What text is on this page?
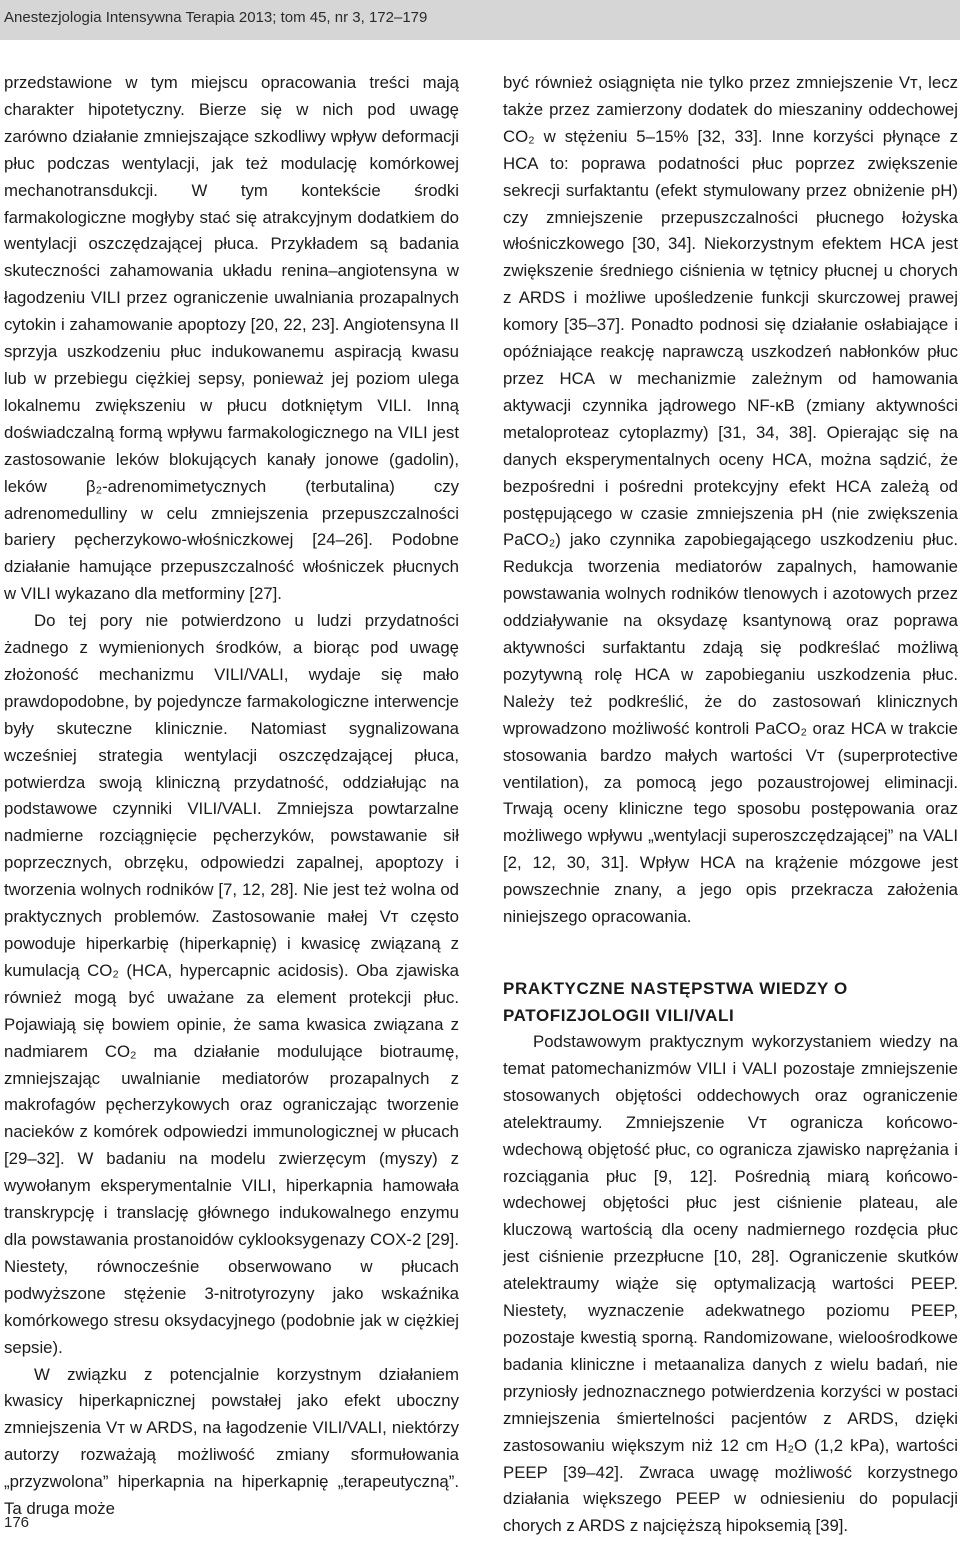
Anestezjologia Intensywna Terapia 2013; tom 45, nr 3, 172–179

przedstawione w tym miejscu opracowania treści mają charakter hipotetyczny. Bierze się w nich pod uwagę zarówno działanie zmniejszające szkodliwy wpływ deformacji płuc podczas wentylacji, jak też modulację komórkowej mechanotransdukcji. W tym kontekście środki farmakologiczne mogłyby stać się atrakcyjnym dodatkiem do wentylacji oszczędzającej płuca. Przykładem są badania skuteczności zahamowania układu renina–angiotensyna w łagodzeniu VILI przez ograniczenie uwalniania prozapalnych cytokin i zahamowanie apoptozy [20, 22, 23]. Angiotensyna II sprzyja uszkodzeniu płuc indukowanemu aspiracją kwasu lub w przebiegu ciężkiej sepsy, ponieważ jej poziom ulega lokalnemu zwiększeniu w płucu dotkniętym VILI. Inną doświadczalną formą wpływu farmakologicznego na VILI jest zastosowanie leków blokujących kanały jonowe (gadolin), leków β₂-adrenomimetycznych (terbutalina) czy adrenomedulliny w celu zmniejszenia przepuszczalności bariery pęcherzykowo-włośniczkowej [24–26]. Podobne działanie hamujące przepuszczalność włośniczek płucnych w VILI wykazano dla metforminy [27].

Do tej pory nie potwierdzono u ludzi przydatności żadnego z wymienionych środków, a biorąc pod uwagę złożoność mechanizmu VILI/VALI, wydaje się mało prawdopodobne, by pojedyncze farmakologiczne interwencje były skuteczne klinicznie. Natomiast sygnalizowana wcześniej strategia wentylacji oszczędzającej płuca, potwierdza swoją kliniczną przydatność, oddziałując na podstawowe czynniki VILI/VALI. Zmniejsza powtarzalne nadmierne rozciągnięcie pęcherzyków, powstawanie sił poprzecznych, obrzęku, odpowiedzi zapalnej, apoptozy i tworzenia wolnych rodników [7, 12, 28]. Nie jest też wolna od praktycznych problemów. Zastosowanie małej Vᴛ często powoduje hiperkarbię (hiperkapnię) i kwasicę związaną z kumulacją CO₂ (HCA, hypercapnic acidosis). Oba zjawiska również mogą być uważane za element protekcji płuc. Pojawiają się bowiem opinie, że sama kwasica związana z nadmiarem CO₂ ma działanie modulujące biotraumę, zmniejszając uwalnianie mediatorów prozapalnych z makrofagów pęcherzykowych oraz ograniczając tworzenie nacieków z komórek odpowiedzi immunologicznej w płucach [29–32]. W badaniu na modelu zwierzęcym (myszy) z wywołanym eksperymentalnie VILI, hiperkapnia hamowała transkrypcję i translację głównego indukowalnego enzymu dla powstawania prostanoidów cyklooksygenazy COX-2 [29]. Niestety, równocześnie obserwowano w płucach podwyższone stężenie 3-nitrotyrozyny jako wskaźnika komórkowego stresu oksydacyjnego (podobnie jak w ciężkiej sepsie).

W związku z potencjalnie korzystnym działaniem kwasicy hiperkapnicznej powstałej jako efekt uboczny zmniejszenia Vᴛ w ARDS, na łagodzenie VILI/VALI, niektórzy autorzy rozważają możliwość zmiany sformułowania „przyzwolona” hiperkapnia na hiperkapnię „terapeutyczną”. Ta druga może

być również osiągnięta nie tylko przez zmniejszenie Vᴛ, lecz także przez zamierzony dodatek do mieszaniny oddechowej CO₂ w stężeniu 5–15% [32, 33]. Inne korzyści płynące z HCA to: poprawa podatności płuc poprzez zwiększenie sekrecji surfaktantu (efekt stymulowany przez obniżenie pH) czy zmniejszenie przepuszczalności płucnego łożyska włośniczkowego [30, 34]. Niekorzystnym efektem HCA jest zwiększenie średniego ciśnienia w tętnicy płucnej u chorych z ARDS i możliwe upośledzenie funkcji skurczowej prawej komory [35–37]. Ponadto podnosi się działanie osłabiające i opóźniające reakcję naprawczą uszkodzeń nabłonków płuc przez HCA w mechanizmie zależnym od hamowania aktywacji czynnika jądrowego NF-κB (zmiany aktywności metaloproteaz cytoplazmy) [31, 34, 38]. Opierając się na danych eksperymentalnych oceny HCA, można sądzić, że bezpośredni i pośredni protekcyjny efekt HCA zależą od postępującego w czasie zmniejszenia pH (nie zwiększenia PaCO₂) jako czynnika zapobiegającego uszkodzeniu płuc. Redukcja tworzenia mediatorów zapalnych, hamowanie powstawania wolnych rodników tlenowych i azotowych przez oddziaływanie na oksydazę ksantynową oraz poprawa aktywności surfaktantu zdają się podkreślać możliwą pozytywną rolę HCA w zapobieganiu uszkodzenia płuc. Należy też podkreślić, że do zastosowań klinicznych wprowadzono możliwość kontroli PaCO₂ oraz HCA w trakcie stosowania bardzo małych wartości Vᴛ (superprotective ventilation), za pomocą jego pozaustrojowej eliminacji. Trwają oceny kliniczne tego sposobu postępowania oraz możliwego wpływu „wentylacji superoszczędzającej” na VALI [2, 12, 30, 31]. Wpływ HCA na krążenie mózgowe jest powszechnie znany, a jego opis przekracza założenia niniejszego opracowania.

PRAKTYCZNE NASTĘPSTWA WIEDZY O PATOFIZJOLOGII VILI/VALI

Podstawowym praktycznym wykorzystaniem wiedzy na temat patomechanizmów VILI i VALI pozostaje zmniejszenie stosowanych objętości oddechowych oraz ograniczenie atelektraumy. Zmniejszenie Vᴛ ogranicza końcowo-wdechową objętość płuc, co ogranicza zjawisko naprężania i rozciągania płuc [9, 12]. Pośrednią miarą końcowo-wdechowej objętości płuc jest ciśnienie plateau, ale kluczową wartością dla oceny nadmiernego rozdęcia płuc jest ciśnienie przezpłucne [10, 28]. Ograniczenie skutków atelektraumy wiąże się optymalizacją wartości PEEP. Niestety, wyznaczenie adekwatnego poziomu PEEP, pozostaje kwestią sporną. Randomizowane, wieloośrodkowe badania kliniczne i metaanaliza danych z wielu badań, nie przyniosły jednoznacznego potwierdzenia korzyści w postaci zmniejszenia śmiertelności pacjentów z ARDS, dzięki zastosowaniu większym niż 12 cm H₂O (1,2 kPa), wartości PEEP [39–42]. Zwraca uwagę możliwość korzystnego działania większego PEEP w odniesieniu do populacji chorych z ARDS z najcięższą hipoksemią [39].

176
